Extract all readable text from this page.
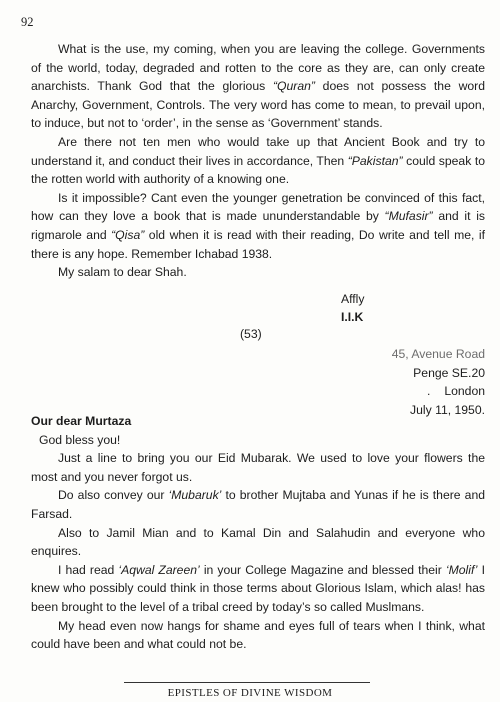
92

What is the use, my coming, when you are leaving the college. Governments of the world, today, degraded and rotten to the core as they are, can only create anarchists. Thank God that the glorious “Quran” does not possess the word Anarchy, Government, Controls. The very word has come to mean, to prevail upon, to induce, but not to ‘order’, in the sense as ‘Government’ stands.

Are there not ten men who would take up that Ancient Book and try to understand it, and conduct their lives in accordance, Then “Pakistan” could speak to the rotten world with authority of a knowing one.

Is it impossible? Cant even the younger genetration be convinced of this fact, how can they love a book that is made ununderstandable by “Mufasir” and it is rigmarole and “Qisa” old when it is read with their reading, Do write and tell me, if there is any hope. Remember Ichabad 1938.

My salam to dear Shah.

Affly
I.I.K
(53)
45, Avenue Road
Penge SE.20
. London
July 11, 1950.
Our dear Murtaza

God bless you!

Just a line to bring you our Eid Mubarak. We used to love your flowers the most and you never forgot us.

Do also convey our ‘Mubaruk’ to brother Mujtaba and Yunas if he is there and Farsad.

Also to Jamil Mian and to Kamal Din and Salahudin and everyone who enquires.

I had read ‘Aqwal Zareen’ in your College Magazine and blessed their ‘Molif’ I knew who possibly could think in those terms about Glorious Islam, which alas! has been brought to the level of a tribal creed by today’s so called Muslmans.

My head even now hangs for shame and eyes full of tears when I think, what could have been and what could not be.

EPISTLES OF DIVINE WISDOM
